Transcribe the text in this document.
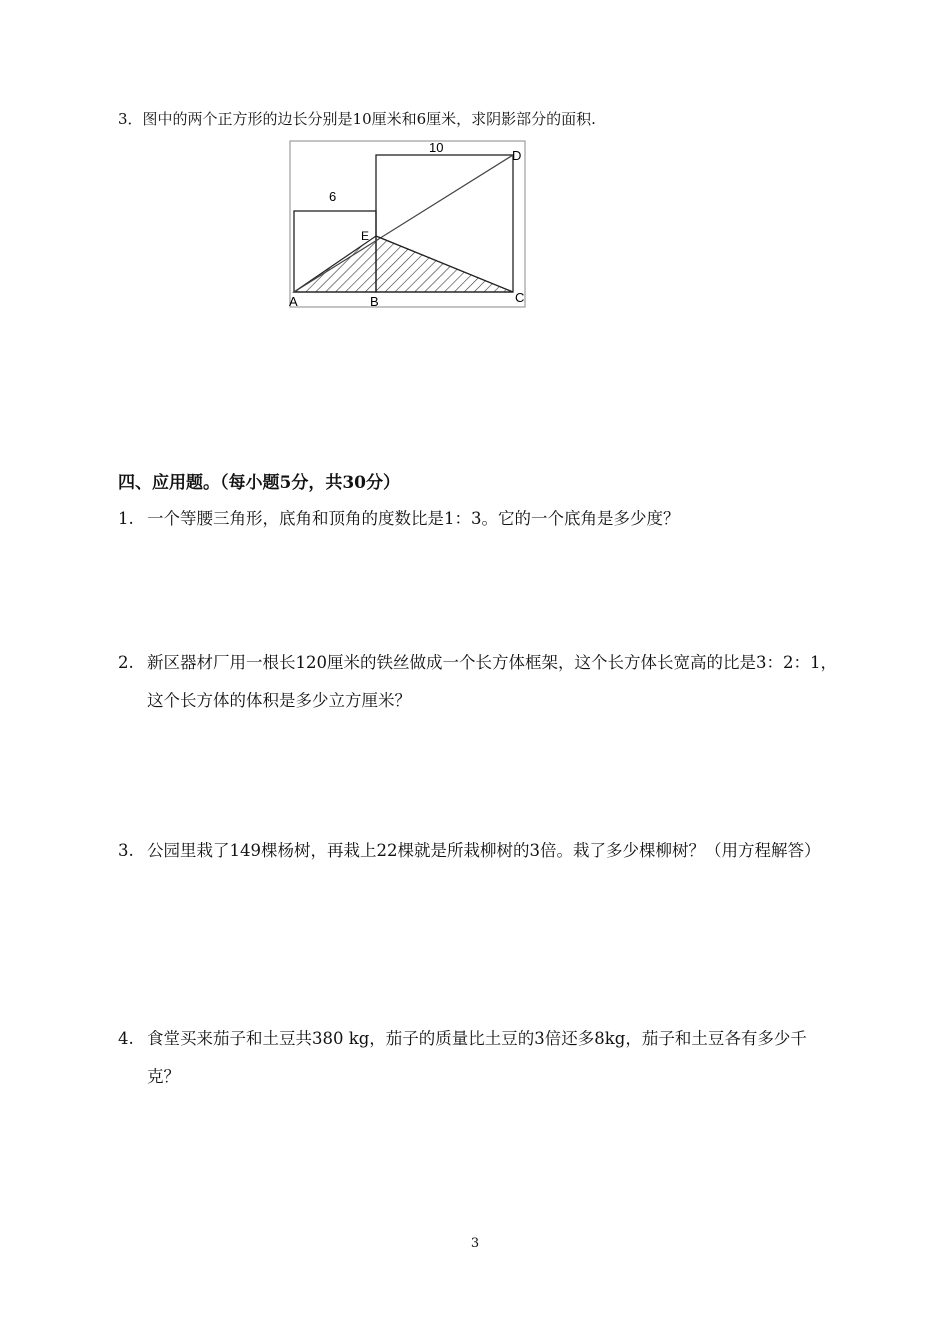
3．图中的两个正方形的边长分别是10厘米和6厘米，求阴影部分的面积.
10
6
E
D
A	B	C
四、应用题。（每小题5分，共30分）
1. 一个等腰三角形，底角和顶角的度数比是1：3。它的一个底角是多少度？
2. 新区器材厂用一根长120厘米的铁丝做成一个长方体框架，这个长方体长宽高的比是3：2：1，这个长方体的体积是多少立方厘米？
3. 公园里栽了149棵杨树，再栽上22棵就是所栽柳树的3倍。栽了多少棵柳树？（用方程解答）
4. 食堂买来茄子和土豆共380 kg，茄子的质量比土豆的3倍还多8kg，茄子和土豆各有多少千克？
3
